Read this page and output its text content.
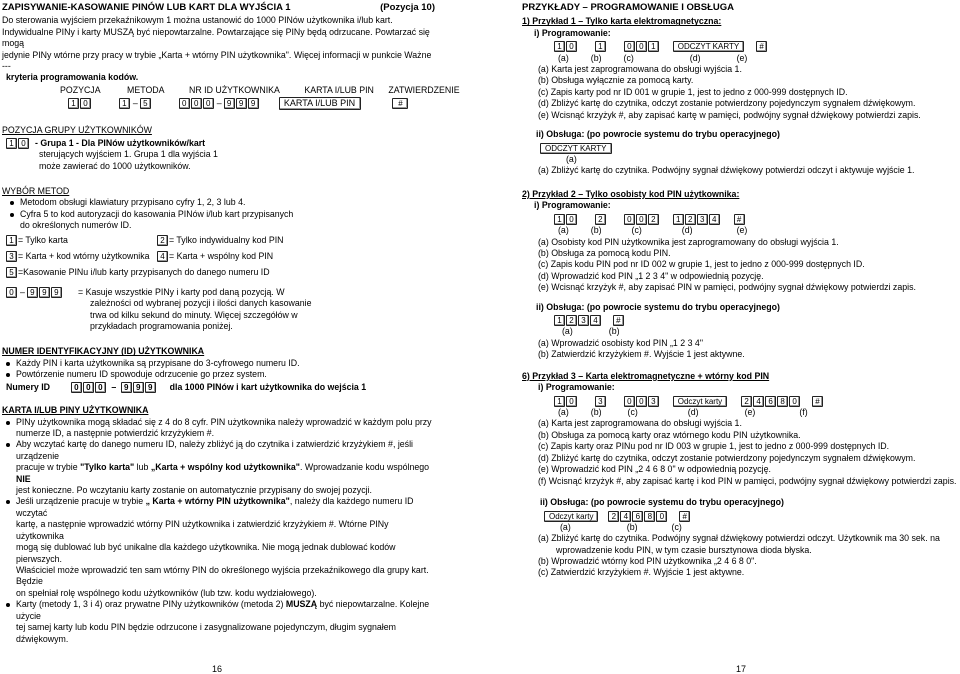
ZAPISYWANIE-KASOWANIE PINÓW LUB KART DLA WYJŚCIA 1	(Pozycja 10)
Do sterowania wyjściem przekaźnikowym 1 można ustanowić do 1000 PINów użytkownika i/lub kart.
Indywidualne PINy i karty MUSZĄ być niepowtarzalne. Powtarzające się PINy będą odrzucane. Powtarzać się mogą
jedynie PINy wtórne przy pracy w trybie „Karta + wtórny PIN użytkownika". Więcej informacji w punkcie Ważne ---
kryteria programowania kodów.
POZYCJA	METODA	NR ID UŻYTKOWNIKA	KARTA I/LUB PIN ZATWIERDZENIE
1 0	1 – 5	0 0 0 – 9 9 9	KARTA I/LUB PIN	#
POZYCJA GRUPY UŻYTKOWNIKÓW
1 0	- Grupa 1 - Dla PINów użytkowników/kart
sterujących wyjściem 1. Grupa 1 dla wyjścia 1
może zawierać do 1000 użytkowników.
WYBÓR METOD
Metodom obsługi klawiatury przypisano cyfry 1, 2, 3 lub 4.
Cyfra 5 to kod autoryzacji do kasowania PINów i/lub kart przypisanych
do określonych numerów ID.
1 = Tylko karta	2 = Tylko indywidualny kod PIN
3 = Karta + kod wtórny użytkownika	4 = Karta + wspólny kod PIN
5 =Kasowanie PINu i/lub karty przypisanych do danego numeru ID
0 – 9 9 9	= Kasuje wszystkie PINy i karty pod daną pozycją. W
zależności od wybranej pozycji i ilości danych kasowanie
trwa od kilku sekund do minuty. Więcej szczegółów w
przykładach programowania poniżej.
NUMER IDENTYFIKACYJNY (ID) UŻYTKOWNIKA
Każdy PIN i karta użytkownika są przypisane do 3-cyfrowego numeru ID.
Powtórzenie numeru ID spowoduje odrzucenie go przez system.
Numery ID	0 0 0 – 9 9 9 dla 1000 PINów i kart użytkownika do wejścia 1
KARTA I/LUB PINY UŻYTKOWNIKA
PINy użytkownika mogą składać się z 4 do 8 cyfr. PIN użytkownika należy wprowadzić w każdym polu przy
numerze ID, a następnie potwierdzić krzyżykiem #.
Aby wczytać kartę do danego numeru ID, należy zbliżyć ją do czytnika i zatwierdzić krzyżykiem #, jeśli urządzenie
pracuje w trybie "Tylko karta" lub „Karta + wspólny kod użytkownika". Wprowadzanie kodu wspólnego NIE
jest konieczne. Po wczytaniu karty zostanie on automatycznie przypisany do swojej pozycji.
Jeśli urządzenie pracuje w trybie „ Karta + wtórny PIN użytkownika", należy dla każdego numeru ID wczytać
kartę, a następnie wprowadzić wtórny PIN użytkownika i zatwierdzić krzyżykiem #. Wtórne PINy użytkownika
mogą się dublować lub być unikalne dla każdego użytkownika. Nie mogą jednak dublować kodów pierwszych.
Właściciel może wprowadzić ten sam wtórny PIN do określonego wyjścia przekaźnikowego dla grupy kart. Będzie
on spełniał rolę wspólnego kodu użytkowników (lub tzw. kodu wydziałowego).
Karty (metody 1, 3 i 4) oraz prywatne PINy użytkowników (metoda 2) MUSZĄ być niepowtarzalne. Kolejne użycie
tej samej karty lub kodu PIN będzie odrzucone i zasygnalizowane pojedynczym, długim sygnałem dźwiękowym.
16
PRZYKŁADY – PROGRAMOWANIE I OBSŁUGA
1) Przykład 1 – Tylko karta elektromagnetyczna:
i) Programowanie:
1 0	1	0 0 1	ODCZYT KARTY	#
(a)	(b)	(c)	(d)	(e)
(a) Karta jest zaprogramowana do obsługi wyjścia 1.
(b) Obsługa wyłącznie za pomocą karty.
(c) Zapis karty pod nr ID 001 w grupie 1, jest to jedno z 000-999 dostępnych ID.
(d) Zbliżyć kartę do czytnika, odczyt zostanie potwierdzony pojedynczym sygnałem dźwiękowym.
(e) Wcisnąć krzyżyk #, aby zapisać kartę w pamięci, podwójny sygnał dźwiękowy potwierdzi zapis.
ii) Obsługa: (po powrocie systemu do trybu operacyjnego)
ODCZYT KARTY
(a)
(a) Zbliżyć kartę do czytnika. Podwójny sygnał dźwiękowy potwierdzi odczyt i aktywuje wyjście 1.
2) Przykład 2 – Tylko osobisty kod PIN użytkownika:
i) Programowanie:
1 0	2	0 0 2	1 2 3 4	#
(a)	(b)	(c)	(d)	(e)
(a) Osobisty kod PIN użytkownika jest zaprogramowany do obsługi wyjścia 1.
(b) Obsługa za pomocą kodu PIN.
(c) Zapis kodu PIN pod nr ID 002 w grupie 1, jest to jedno z 000-999 dostępnych ID.
(d) Wprowadzić kod PIN „1 2 3 4" w odpowiednią pozycję.
(e) Wcisnąć krzyżyk #, aby zapisać PIN w pamięci, podwójny sygnał dźwiękowy potwierdzi zapis.
ii) Obsługa: (po powrocie systemu do trybu operacyjnego)
1 2 3 4 #
(a)	(b)
(a) Wprowadzić osobisty kod PIN „1 2 3 4"
(b) Zatwierdzić krzyżykiem #. Wyjście 1 jest aktywne.
6) Przykład 3 – Karta elektromagnetyczne + wtórny kod PIN
i) Programowanie:
1 0	3	0 0 3	Odczyt karty	2 4 6 8 0 #
(a)	(b)	(c)	(d)	(e)	(f)
(a) Karta jest zaprogramowana do obsługi wyjścia 1.
(b) Obsługa za pomocą karty oraz wtórnego kodu PIN użytkownika.
(c) Zapis karty oraz PINu pod nr ID 003 w grupie 1, jest to jedno z 000-999 dostępnych ID.
(d) Zbliżyć kartę do czytnika, odczyt zostanie potwierdzony pojedynczym sygnałem dźwiękowym.
(e) Wprowadzić kod PIN „2 4 6 8 0" w odpowiednią pozycję.
(f) Wcisnąć krzyżyk #, aby zapisać kartę i kod PIN w pamięci, podwójny sygnał dźwiękowy potwierdzi zapis.
ii) Obsługa: (po powrocie systemu do trybu operacyjnego)
Odczyt karty 2 4 6 8 0 #
(a)	(b)	(c)
(a) Zbliżyć kartę do czytnika. Podwójny sygnał dźwiękowy potwierdzi odczyt. Użytkownik ma 30 sek. na
wprowadzenie kodu PIN, w tym czasie bursztynowa dioda błyska.
(b) Wprowadzić wtórny kod PIN użytkownika „2 4 6 8 0".
(c) Zatwierdzić krzyżykiem #. Wyjście 1 jest aktywne.
17
